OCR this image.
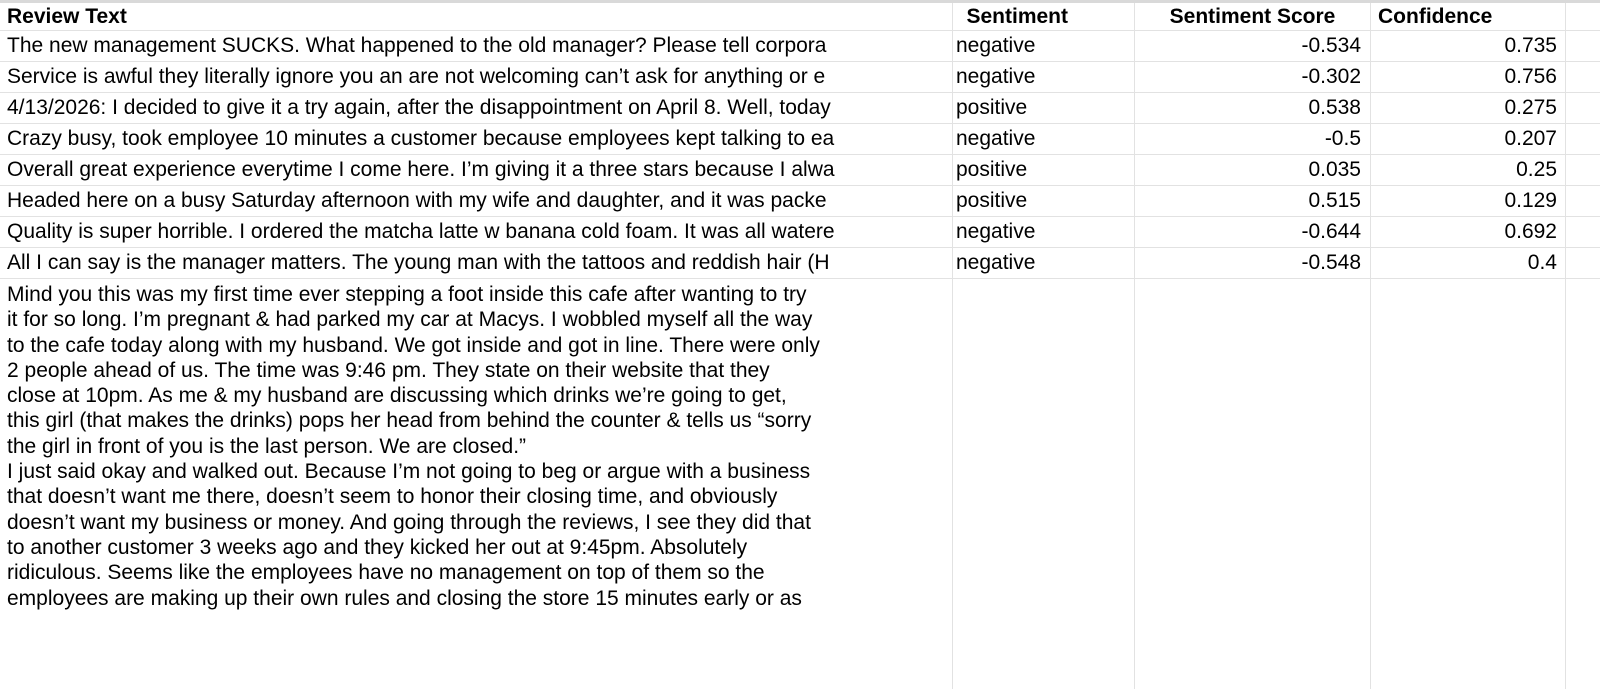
Review Text	Sentiment	Sentiment Score	Confidence
The new management SUCKS. What happened to the old manager? Please tell corpora	negative	-0.534	0.735
Service is awful they literally ignore you an are not welcoming can’t ask for anything or e	negative	-0.302	0.756
4/13/2026: I decided to give it a try again, after the disappointment on April 8. Well, today	positive	0.538	0.275
Crazy busy, took employee 10 minutes a customer because employees kept talking to ea	negative	-0.5	0.207
Overall great experience everytime I come here. I’m giving it a three stars because I alwa	positive	0.035	0.25
Headed here on a busy Saturday afternoon with my wife and daughter, and it was packe	positive	0.515	0.129
Quality is super horrible. I ordered the matcha latte w banana cold foam. It was all watere	negative	-0.644	0.692
All I can say is the manager matters. The young man with the tattoos and reddish hair (H	negative	-0.548	0.4
Mind you this was my first time ever stepping a foot inside this cafe after wanting to try
it for so long. I’m pregnant & had parked my car at Macys. I wobbled myself all the way
to the cafe today along with my husband. We got inside and got in line. There were only
2 people ahead of us. The time was 9:46 pm. They state on their website that they
close at 10pm. As me & my husband are discussing which drinks we’re going to get,
this girl (that makes the drinks) pops her head from behind the counter & tells us “sorry
the girl in front of you is the last person. We are closed.”
I just said okay and walked out. Because I’m not going to beg or argue with a business
that doesn’t want me there, doesn’t seem to honor their closing time, and obviously
doesn’t want my business or money. And going through the reviews, I see they did that
to another customer 3 weeks ago and they kicked her out at 9:45pm. Absolutely
ridiculous. Seems like the employees have no management on top of them so the
employees are making up their own rules and closing the store 15 minutes early or as
